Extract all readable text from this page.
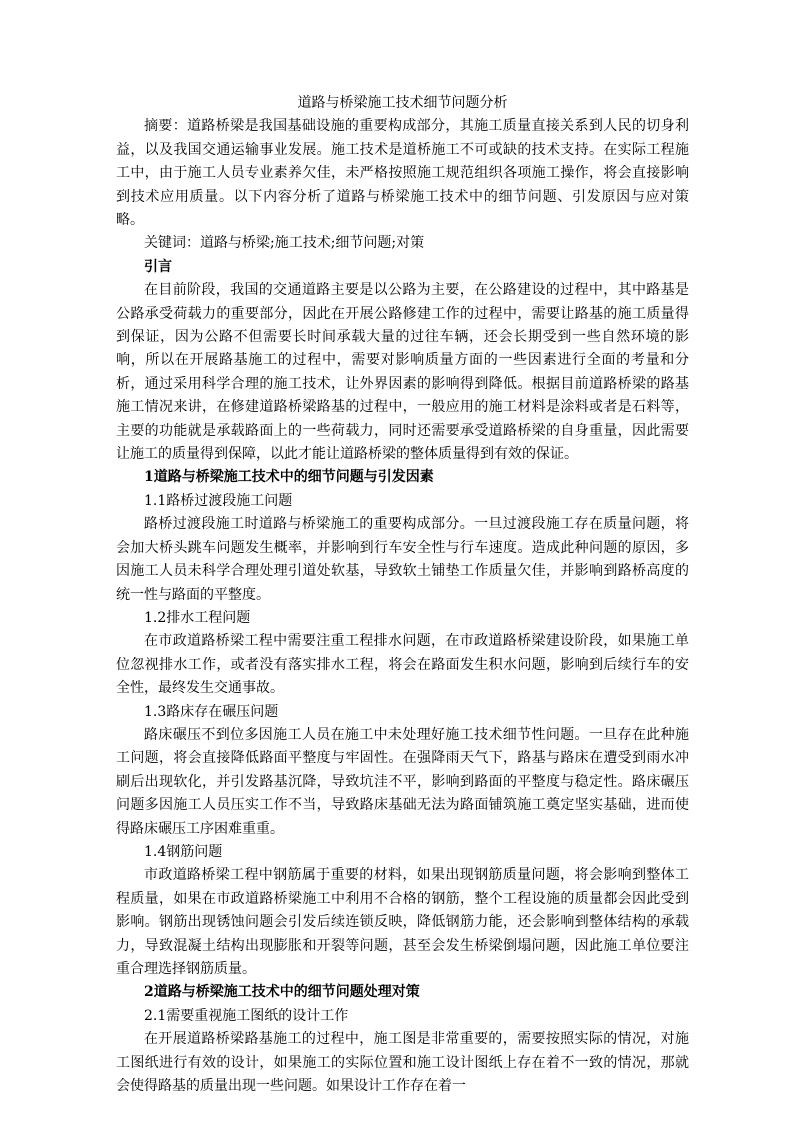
道路与桥梁施工技术细节问题分析

摘要：道路桥梁是我国基础设施的重要构成部分，其施工质量直接关系到人民的切身利益，以及我国交通运输事业发展。施工技术是道桥施工不可或缺的技术支持。在实际工程施工中，由于施工人员专业素养欠佳，未严格按照施工规范组织各项施工操作，将会直接影响到技术应用质量。以下内容分析了道路与桥梁施工技术中的细节问题、引发原因与应对策略。

关键词：道路与桥梁;施工技术;细节问题;对策

引言

在目前阶段，我国的交通道路主要是以公路为主要，在公路建设的过程中，其中路基是公路承受荷载力的重要部分，因此在开展公路修建工作的过程中，需要让路基的施工质量得到保证，因为公路不但需要长时间承载大量的过往车辆，还会长期受到一些自然环境的影响，所以在开展路基施工的过程中，需要对影响质量方面的一些因素进行全面的考量和分析，通过采用科学合理的施工技术，让外界因素的影响得到降低。根据目前道路桥梁的路基施工情况来讲，在修建道路桥梁路基的过程中，一般应用的施工材料是涂料或者是石料等，主要的功能就是承载路面上的一些荷载力，同时还需要承受道路桥梁的自身重量，因此需要让施工的质量得到保障，以此才能让道路桥梁的整体质量得到有效的保证。

1道路与桥梁施工技术中的细节问题与引发因素

1.1路桥过渡段施工问题

路桥过渡段施工时道路与桥梁施工的重要构成部分。一旦过渡段施工存在质量问题，将会加大桥头跳车问题发生概率，并影响到行车安全性与行车速度。造成此种问题的原因，多因施工人员未科学合理处理引道处软基，导致软土铺垫工作质量欠佳，并影响到路桥高度的统一性与路面的平整度。

1.2排水工程问题

在市政道路桥梁工程中需要注重工程排水问题，在市政道路桥梁建设阶段，如果施工单位忽视排水工作，或者没有落实排水工程，将会在路面发生积水问题，影响到后续行车的安全性，最终发生交通事故。

1.3路床存在碾压问题

路床碾压不到位多因施工人员在施工中未处理好施工技术细节性问题。一旦存在此种施工问题，将会直接降低路面平整度与牢固性。在强降雨天气下，路基与路床在遭受到雨水冲刷后出现软化，并引发路基沉降，导致坑洼不平，影响到路面的平整度与稳定性。路床碾压问题多因施工人员压实工作不当，导致路床基础无法为路面铺筑施工奠定坚实基础，进而使得路床碾压工序困难重重。

1.4钢筋问题

市政道路桥梁工程中钢筋属于重要的材料，如果出现钢筋质量问题，将会影响到整体工程质量，如果在市政道路桥梁施工中利用不合格的钢筋，整个工程设施的质量都会因此受到影响。钢筋出现锈蚀问题会引发后续连锁反映，降低钢筋力能，还会影响到整体结构的承载力，导致混凝土结构出现膨胀和开裂等问题，甚至会发生桥梁倒塌问题，因此施工单位要注重合理选择钢筋质量。

2道路与桥梁施工技术中的细节问题处理对策

2.1需要重视施工图纸的设计工作

在开展道路桥梁路基施工的过程中，施工图是非常重要的，需要按照实际的情况，对施工图纸进行有效的设计，如果施工的实际位置和施工设计图纸上存在着不一致的情况，那就会使得路基的质量出现一些问题。如果设计工作存在着一
